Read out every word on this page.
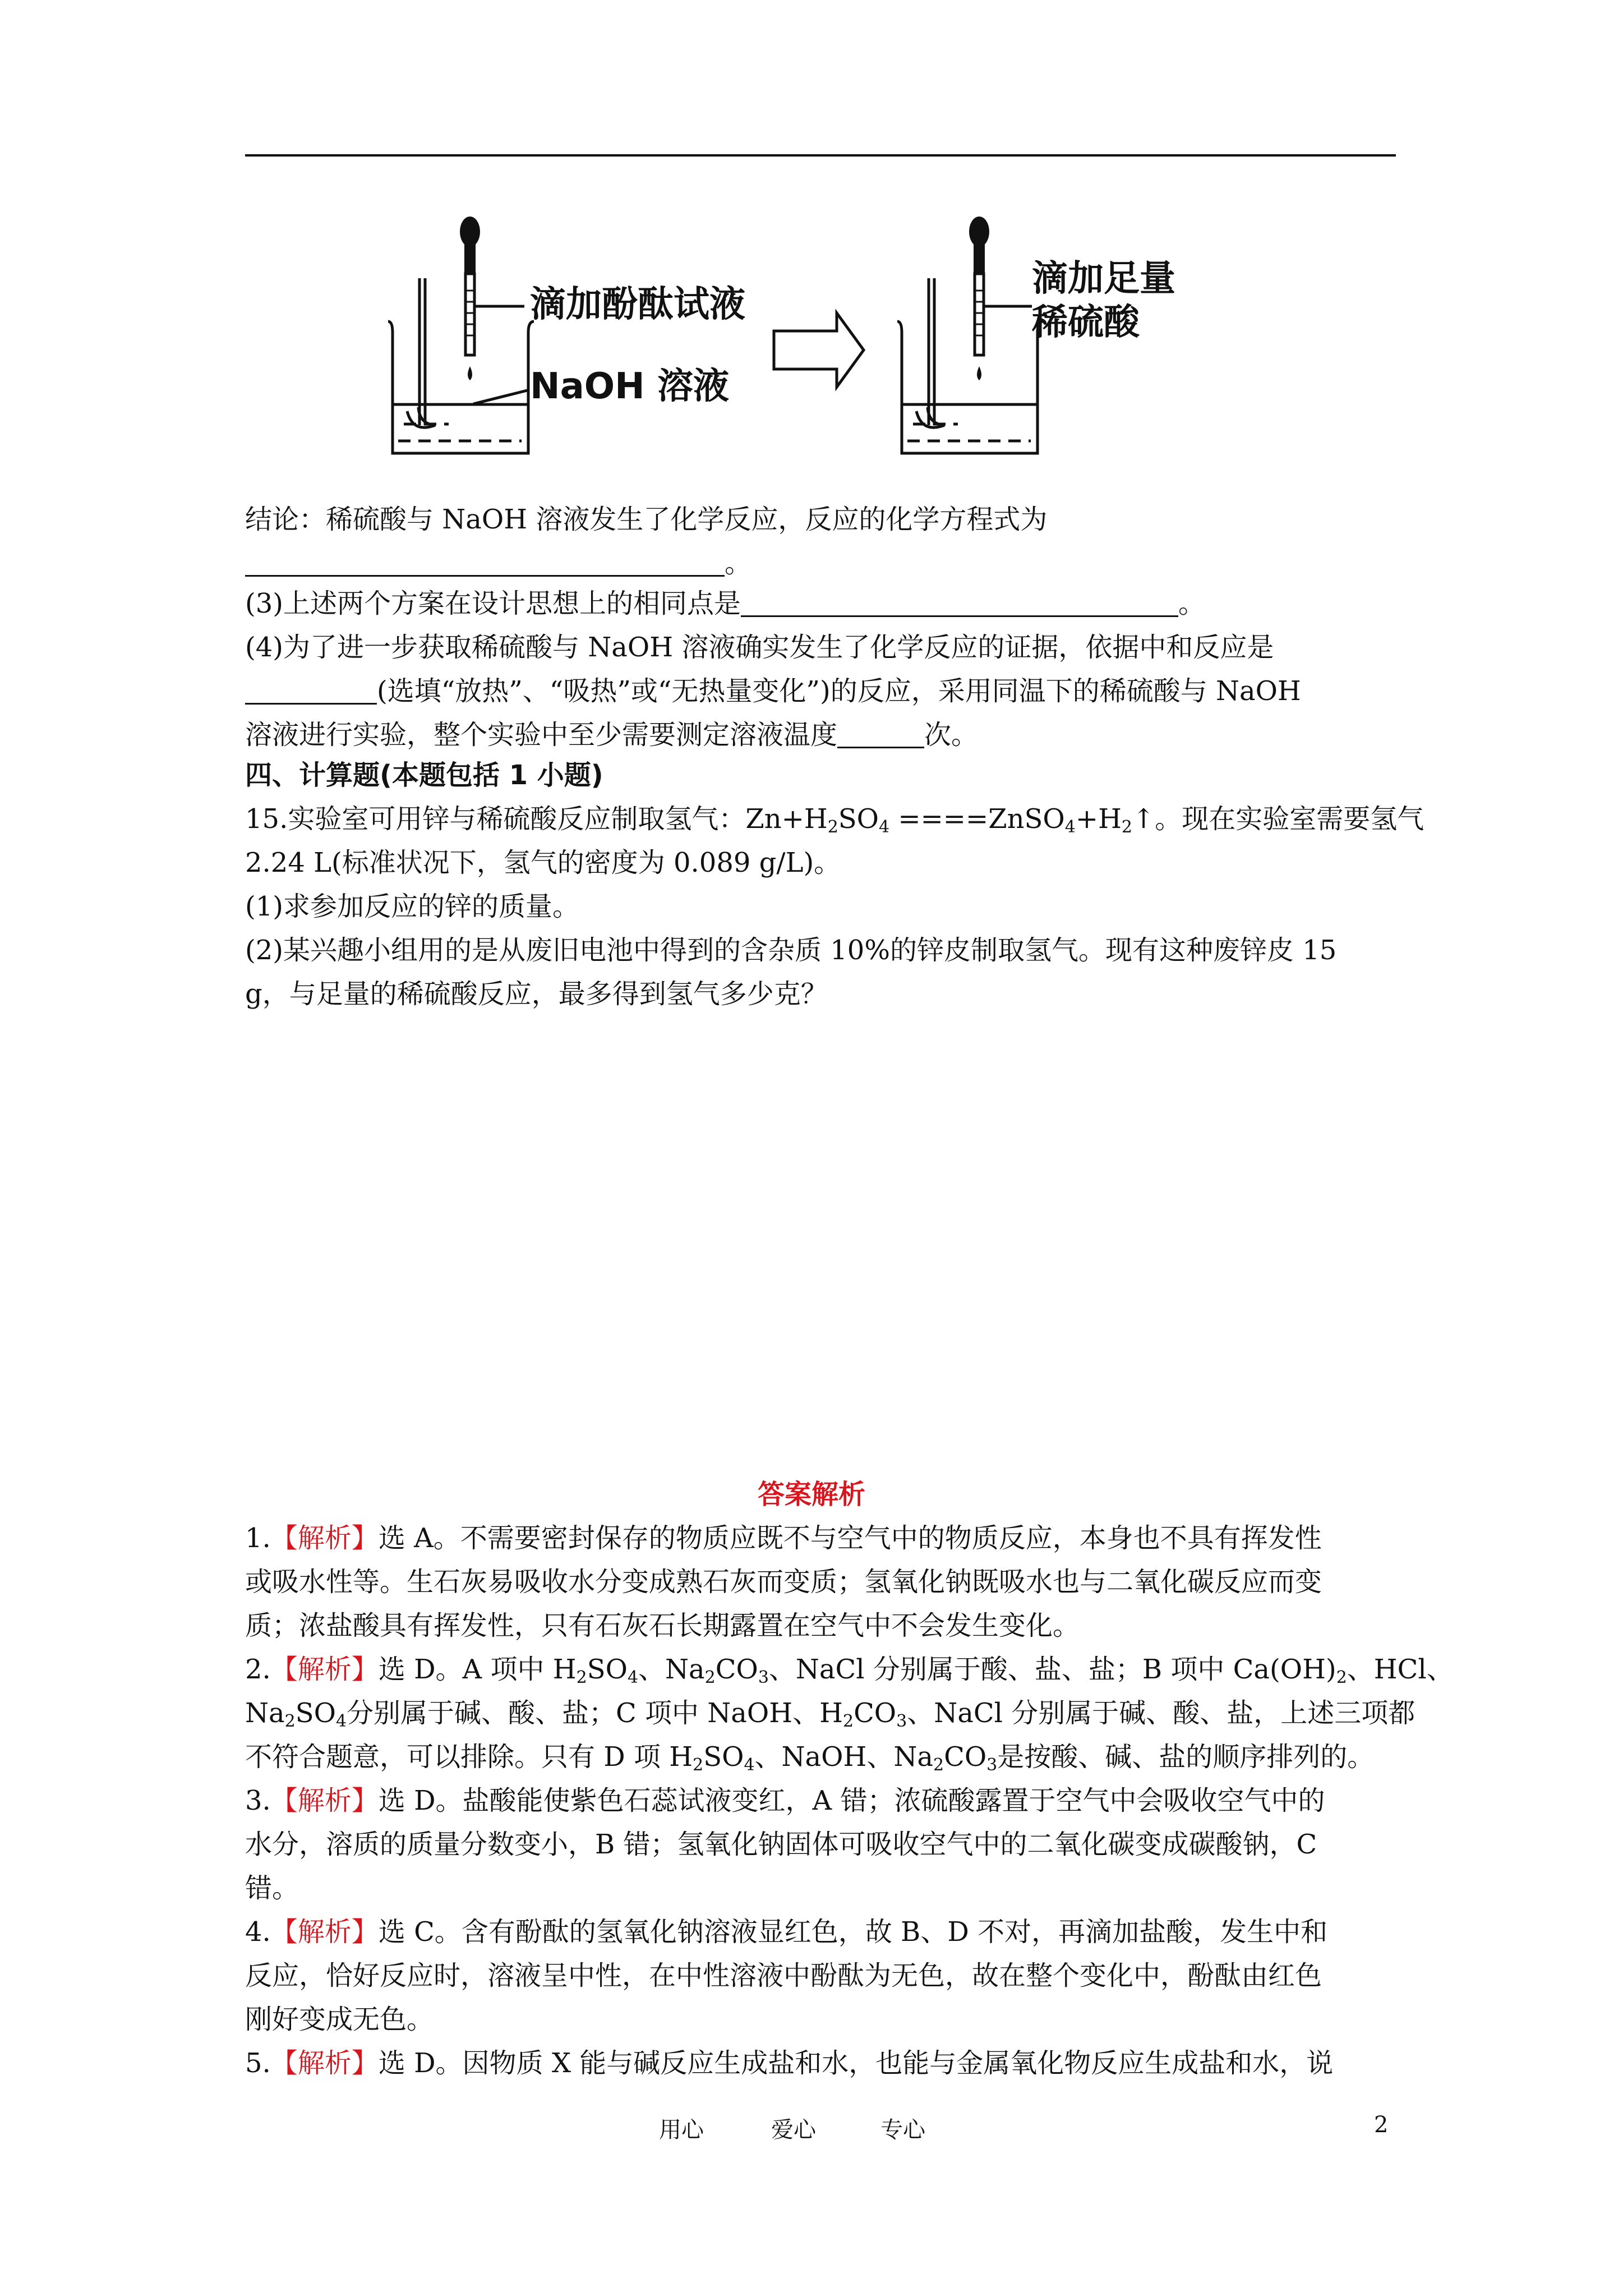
滴加酚酞试液
NaOH 溶液
滴加足量
稀硫酸
结论：稀硫酸与 NaOH 溶液发生了化学反应，反应的化学方程式为
。
(3)上述两个方案在设计思想上的相同点是	。
(4)为了进一步获取稀硫酸与 NaOH 溶液确实发生了化学反应的证据，依据中和反应是
(选填“放热”、“吸热”或“无热量变化”)的反应，采用同温下的稀硫酸与 NaOH
溶液进行实验，整个实验中至少需要测定溶液温度	次。
四、计算题(本题包括 1 小题)
15.实验室可用锌与稀硫酸反应制取氢气：$Zn+H_2SO_4$ $====ZnSO_4+H_2↑$。现在实验室需要氢气
2.24 L(标准状况下，氢气的密度为 0.089 g/L)。
(1)求参加反应的锌的质量。
(2)某兴趣小组用的是从废旧电池中得到的含杂质 10%的锌皮制取氢气。现有这种废锌皮 15
g，与足量的稀硫酸反应，最多得到氢气多少克？
答案解析
1.【解析】选 A。不需要密封保存的物质应既不与空气中的物质反应，本身也不具有挥发性
或吸水性等。生石灰易吸收水分变成熟石灰而变质；氢氧化钠既吸水也与二氧化碳反应而变
质；浓盐酸具有挥发性，只有石灰石长期露置在空气中不会发生变化。
2.【解析】选 D。A 项中 $H_2SO_4$、$Na_2CO_3$、NaCl 分别属于酸、盐、盐；B 项中 $Ca(OH)_2$、HCl、
$Na_2SO_4$分别属于碱、酸、盐；C 项中 NaOH、$H_2CO_3$、NaCl 分别属于碱、酸、盐，上述三项都
不符合题意，可以排除。只有 D 项 $H_2SO_4$、NaOH、$Na_2CO_3$是按酸、碱、盐的顺序排列的。
3.【解析】选 D。盐酸能使紫色石蕊试液变红，A 错；浓硫酸露置于空气中会吸收空气中的
水分，溶质的质量分数变小，B 错；氢氧化钠固体可吸收空气中的二氧化碳变成碳酸钠，C
错。
4.【解析】选 C。含有酚酞的氢氧化钠溶液显红色，故 B、D 不对，再滴加盐酸，发生中和
反应，恰好反应时，溶液呈中性，在中性溶液中酚酞为无色，故在整个变化中，酚酞由红色
刚好变成无色。
5.【解析】选 D。因物质 X 能与碱反应生成盐和水，也能与金属氧化物反应生成盐和水，说
用心	爱心	专心	2
